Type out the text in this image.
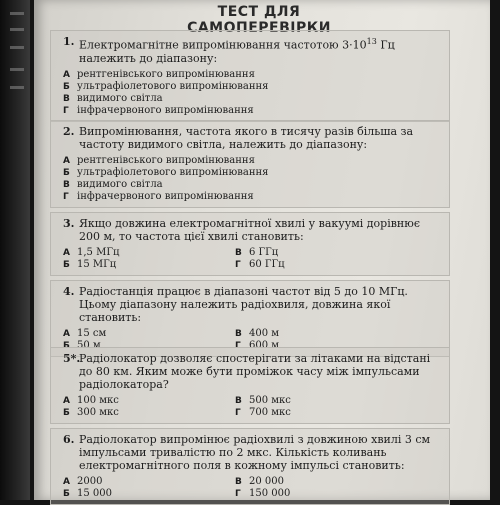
ТЕСТ ДЛЯ САМОПЕРЕВІРКИ
1. Електромагнітне випромінювання частотою $3\cdot 10^{13}$ Гц належить до діапазону:
А рентгенівського випромінювання
Б ультрафіолетового випромінювання
В видимого світла
Г інфрачервоного випромінювання
2. Випромінювання, частота якого в тисячу разів більша за частоту видимого світла, належить до діапазону:
А рентгенівського випромінювання
Б ультрафіолетового випромінювання
В видимого світла
Г інфрачервоного випромінювання
3. Якщо довжина електромагнітної хвилі у вакуумі дорівнює 200 м, то частота цієї хвилі становить:
А 1,5 МГц	В 6 ГГц
Б 15 МГц	Г 60 ГГц
4. Радіостанція працює в діапазоні частот від 5 до 10 МГц. Цьому діапазону належить радіохвиля, довжина якої становить:
А 15 см	В 400 м
Б 50 м	Г 600 м
5*.
Радіолокатор дозволяє спостерігати за літаками на відстані до 80 км. Яким може бути проміжок часу між імпульсами радіолокатора?
А 100 мкс	В 500 мкс
Б 300 мкс	Г 700 мкс
6. Радіолокатор випромінює радіохвилі з довжиною хвилі 3 см імпульсами тривалістю по 2 мкс. Кількість коливань електромагнітного поля в кожному імпульсі становить:
А 2000	В 20 000
Б 15 000	Г 150 000
